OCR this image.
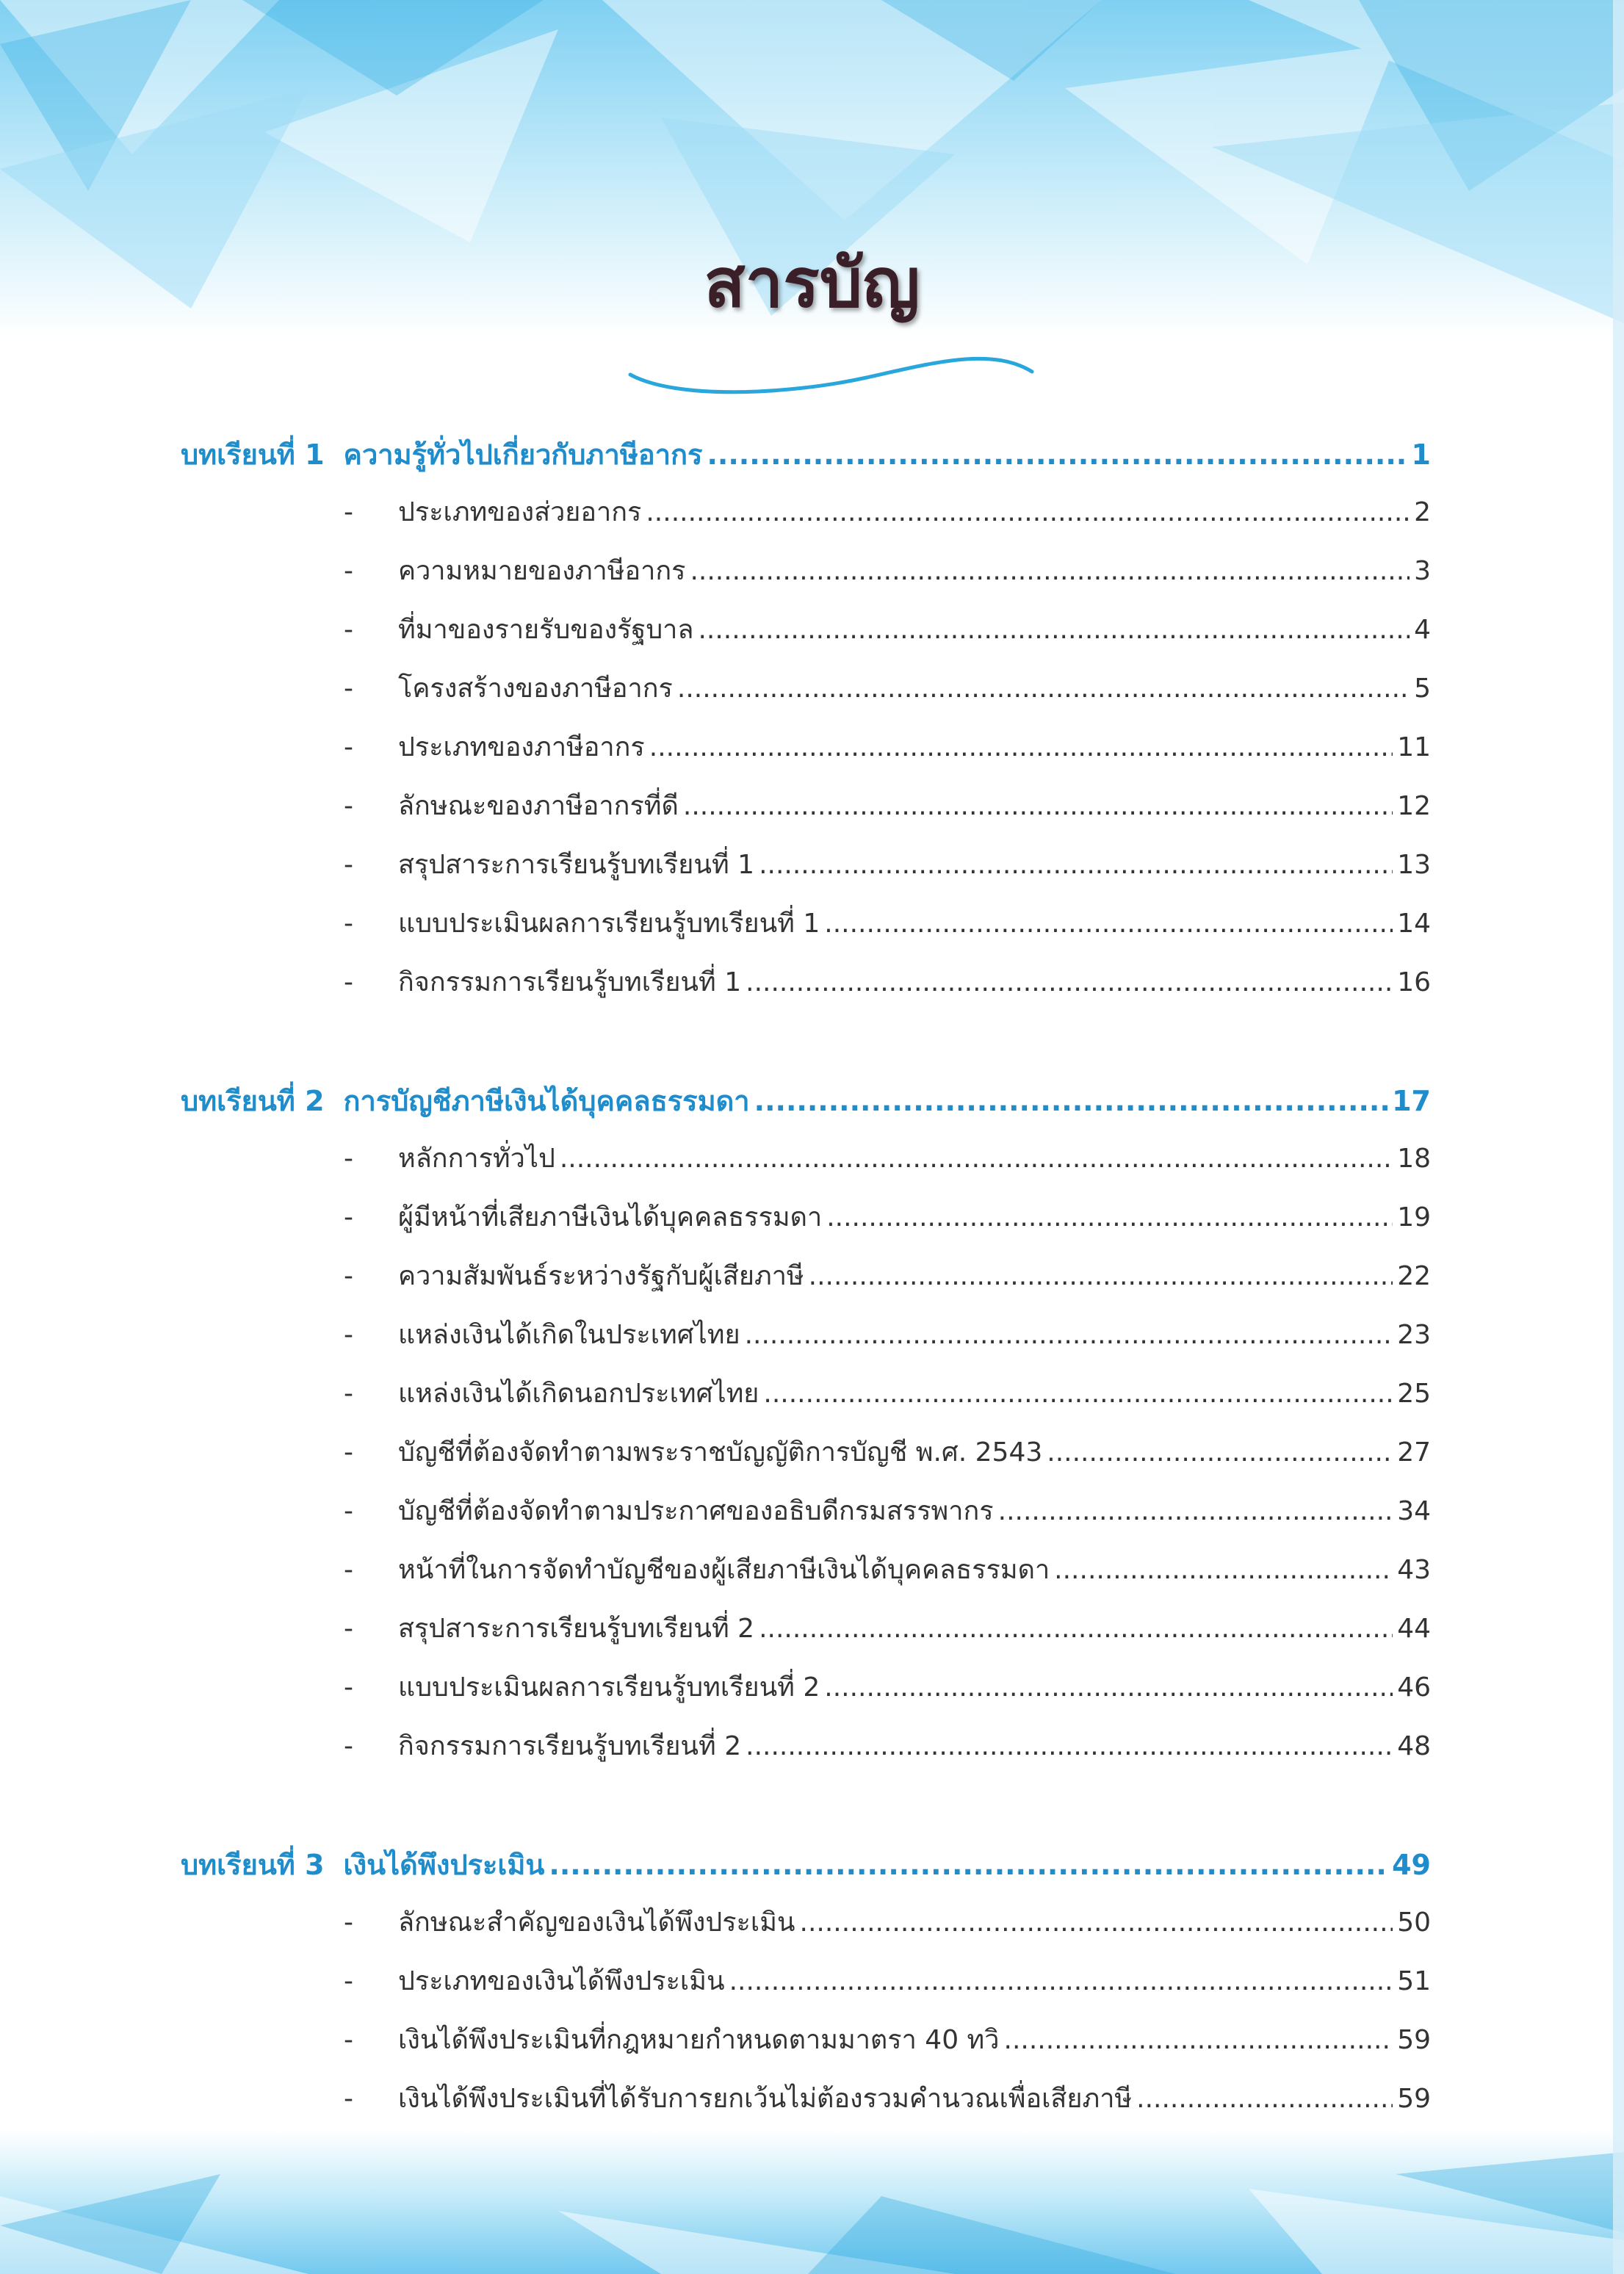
สารบัญ
บทเรียนที่ 1 ความรู้ทั่วไปเกี่ยวกับภาษีอากร .....	1
-	ประเภทของส่วยอากร .....	2
-	ความหมายของภาษีอากร .....	3
-	ที่มาของรายรับของรัฐบาล .....	4
-	โครงสร้างของภาษีอากร .....	5
-	ประเภทของภาษีอากร .....	11
-	ลักษณะของภาษีอากรที่ดี .....	12
-	สรุปสาระการเรียนรู้บทเรียนที่ 1 .....	13
-	แบบประเมินผลการเรียนรู้บทเรียนที่ 1 .....	14
-	กิจกรรมการเรียนรู้บทเรียนที่ 1 .....	16
บทเรียนที่ 2 การบัญชีภาษีเงินได้บุคคลธรรมดา .....	17
-	หลักการทั่วไป .....	18
-	ผู้มีหน้าที่เสียภาษีเงินได้บุคคลธรรมดา .....	19
-	ความสัมพันธ์ระหว่างรัฐกับผู้เสียภาษี .....	22
-	แหล่งเงินได้เกิดในประเทศไทย .....	23
-	แหล่งเงินได้เกิดนอกประเทศไทย .....	25
-	บัญชีที่ต้องจัดทำตามพระราชบัญญัติการบัญชี พ.ศ. 2543 .....	27
-	บัญชีที่ต้องจัดทำตามประกาศของอธิบดีกรมสรรพากร .....	34
-	หน้าที่ในการจัดทำบัญชีของผู้เสียภาษีเงินได้บุคคลธรรมดา .....	43
-	สรุปสาระการเรียนรู้บทเรียนที่ 2 .....	44
-	แบบประเมินผลการเรียนรู้บทเรียนที่ 2 .....	46
-	กิจกรรมการเรียนรู้บทเรียนที่ 2 .....	48
บทเรียนที่ 3 เงินได้พึงประเมิน .....	49
-	ลักษณะสำคัญของเงินได้พึงประเมิน .....	50
-	ประเภทของเงินได้พึงประเมิน .....	51
-	เงินได้พึงประเมินที่กฎหมายกำหนดตามมาตรา 40 ทวิ .....	59
-	เงินได้พึงประเมินที่ได้รับการยกเว้นไม่ต้องรวมคำนวณเพื่อเสียภาษี .....	59
